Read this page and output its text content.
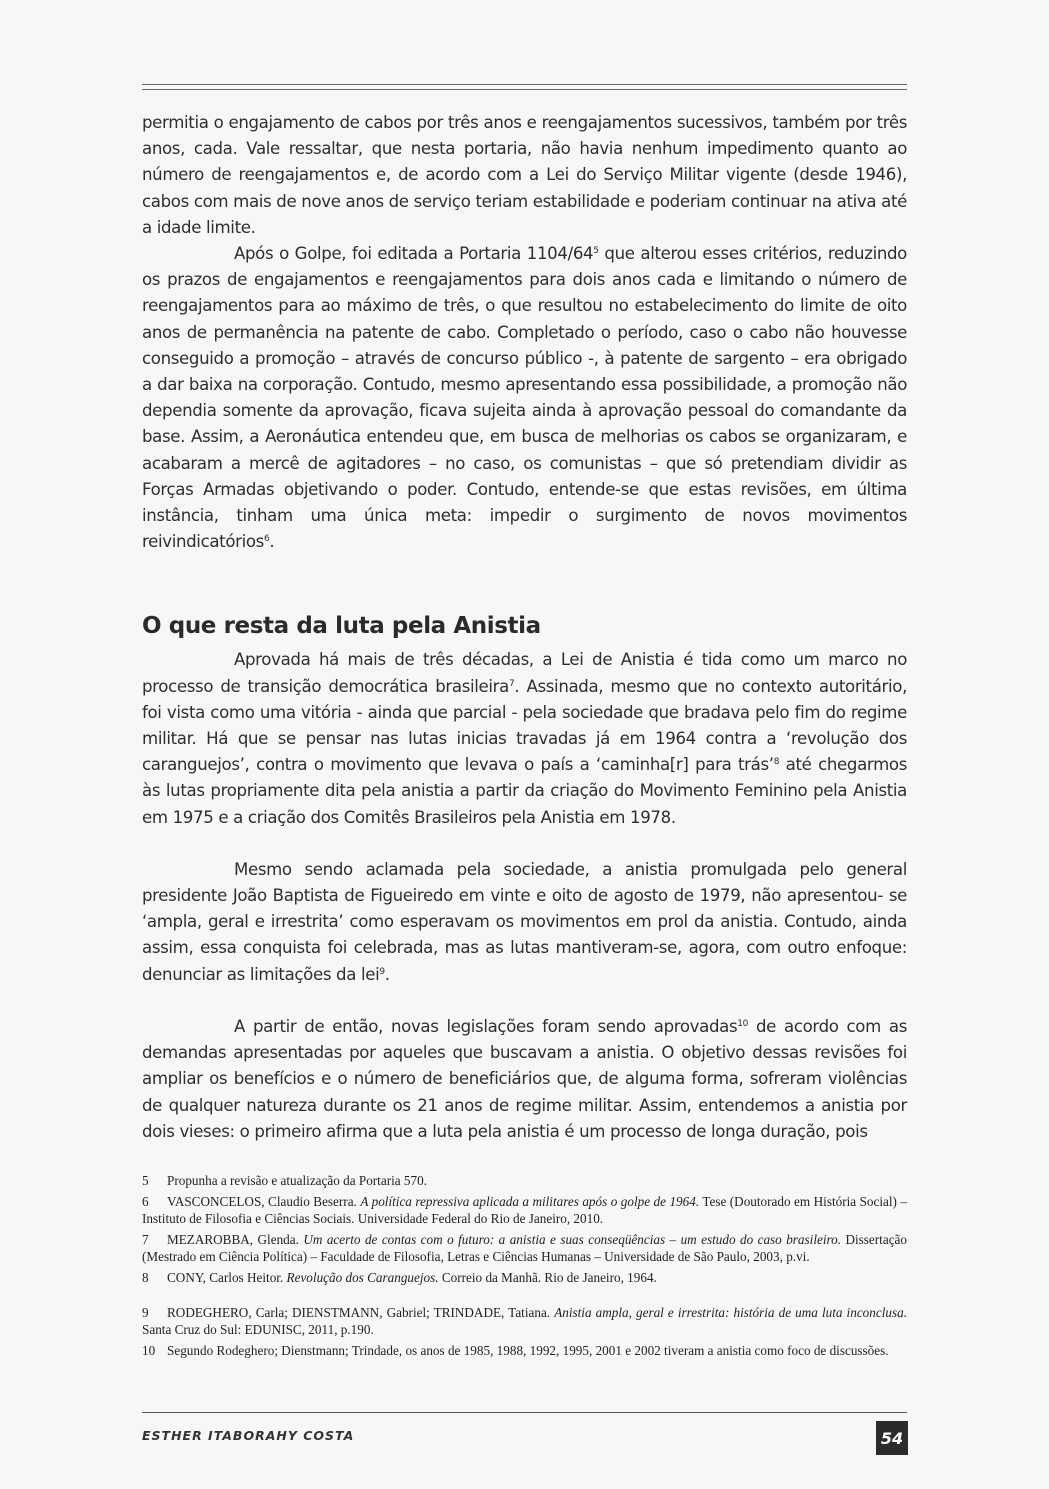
permitia o engajamento de cabos por três anos e reengajamentos sucessivos, também por três anos, cada. Vale ressaltar, que nesta portaria, não havia nenhum impedimento quanto ao número de reengajamentos e, de acordo com a Lei do Serviço Militar vigente (desde 1946), cabos com mais de nove anos de serviço teriam estabilidade e poderiam continuar na ativa até a idade limite.

Após o Golpe, foi editada a Portaria $1104/64^5$ que alterou esses critérios, reduzindo os prazos de engajamentos e reengajamentos para dois anos cada e limitando o número de reengajamentos para ao máximo de três, o que resultou no estabelecimento do limite de oito anos de permanência na patente de cabo. Completado o período, caso o cabo não houvesse conseguido a promoção – através de concurso público -, à patente de sargento – era obrigado a dar baixa na corporação. Contudo, mesmo apresentando essa possibilidade, a promoção não dependia somente da aprovação, ficava sujeita ainda à aprovação pessoal do comandante da base. Assim, a Aeronáutica entendeu que, em busca de melhorias os cabos se organizaram, e acabaram a mercê de agitadores – no caso, os comunistas – que só pretendiam dividir as Forças Armadas objetivando o poder. Contudo, entende-se que estas revisões, em última instância, tinham uma única meta: impedir o surgimento de novos movimentos reivindicatórios$^6$.

O que resta da luta pela Anistia

Aprovada há mais de três décadas, a Lei de Anistia é tida como um marco no processo de transição democrática brasileira$^7$. Assinada, mesmo que no contexto autoritário, foi vista como uma vitória - ainda que parcial - pela sociedade que bradava pelo fim do regime militar. Há que se pensar nas lutas inicias travadas já em 1964 contra a ‘revolução dos caranguejos’, contra o movimento que levava o país a ‘caminha[r] para trás’$^8$ até chegarmos às lutas propriamente dita pela anistia a partir da criação do Movimento Feminino pela Anistia em 1975 e a criação dos Comitês Brasileiros pela Anistia em 1978.

Mesmo sendo aclamada pela sociedade, a anistia promulgada pelo general presidente João Baptista de Figueiredo em vinte e oito de agosto de 1979, não apresentou- se ‘ampla, geral e irrestrita’ como esperavam os movimentos em prol da anistia. Contudo, ainda assim, essa conquista foi celebrada, mas as lutas mantiveram-se, agora, com outro enfoque: denunciar as limitações da lei$^9$.

A partir de então, novas legislações foram sendo aprovadas$^{10}$ de acordo com as demandas apresentadas por aqueles que buscavam a anistia. O objetivo dessas revisões foi ampliar os benefícios e o número de beneficiários que, de alguma forma, sofreram violências de qualquer natureza durante os 21 anos de regime militar. Assim, entendemos a anistia por dois vieses: o primeiro afirma que a luta pela anistia é um processo de longa duração, pois

5 Propunha a revisão e atualização da Portaria 570.

6 VASCONCELOS, Claudio Beserra. A política repressiva aplicada a militares após o golpe de 1964. Tese (Doutorado em História Social) – Instituto de Filosofia e Ciências Sociais. Universidade Federal do Rio de Janeiro, 2010.

7 MEZAROBBA, Glenda. Um acerto de contas com o futuro: a anistia e suas conseqüências – um estudo do caso brasileiro. Dissertação (Mestrado em Ciência Política) – Faculdade de Filosofia, Letras e Ciências Humanas – Universidade de São Paulo, 2003, p.vi.

8 CONY, Carlos Heitor. Revolução dos Caranguejos. Correio da Manhã. Rio de Janeiro, 1964.

9 RODEGHERO, Carla; DIENSTMANN, Gabriel; TRINDADE, Tatiana. Anistia ampla, geral e irrestrita: história de uma luta inconclusa. Santa Cruz do Sul: EDUNISC, 2011, p.190.

10 Segundo Rodeghero; Dienstmann; Trindade, os anos de 1985, 1988, 1992, 1995, 2001 e 2002 tiveram a anistia como foco de discussões.

ESTHER ITABORAHY COSTA	54
